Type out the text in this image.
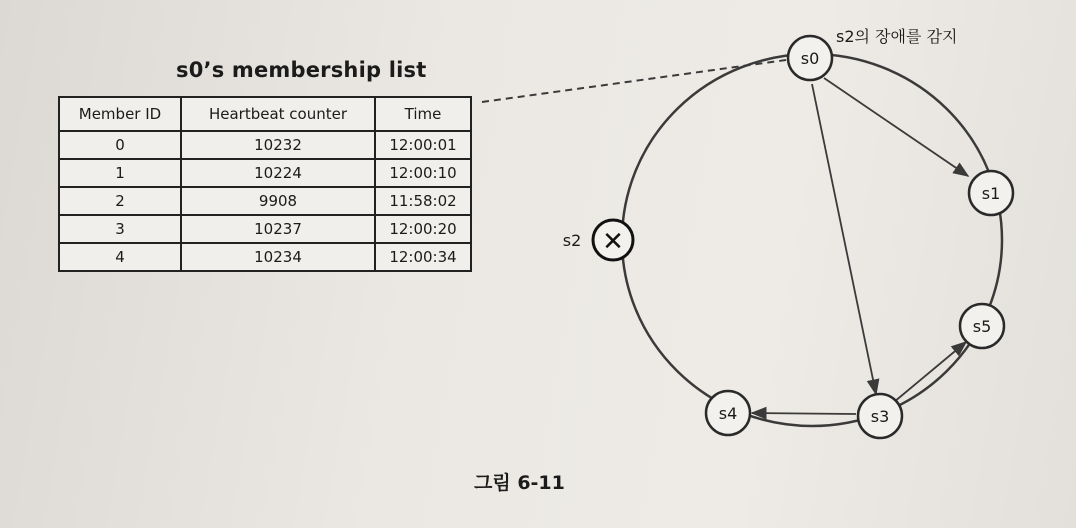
s0’s membership list
Member ID	Heartbeat counter	Time
0	10232	12:00:01
1	10224	12:00:10
2	9908	11:58:02
3	10237	12:00:20
4	10234	12:00:34
s0
s1
s5
s3
s4
✕
s2
s2의 장애를 감지
그림 6-11
